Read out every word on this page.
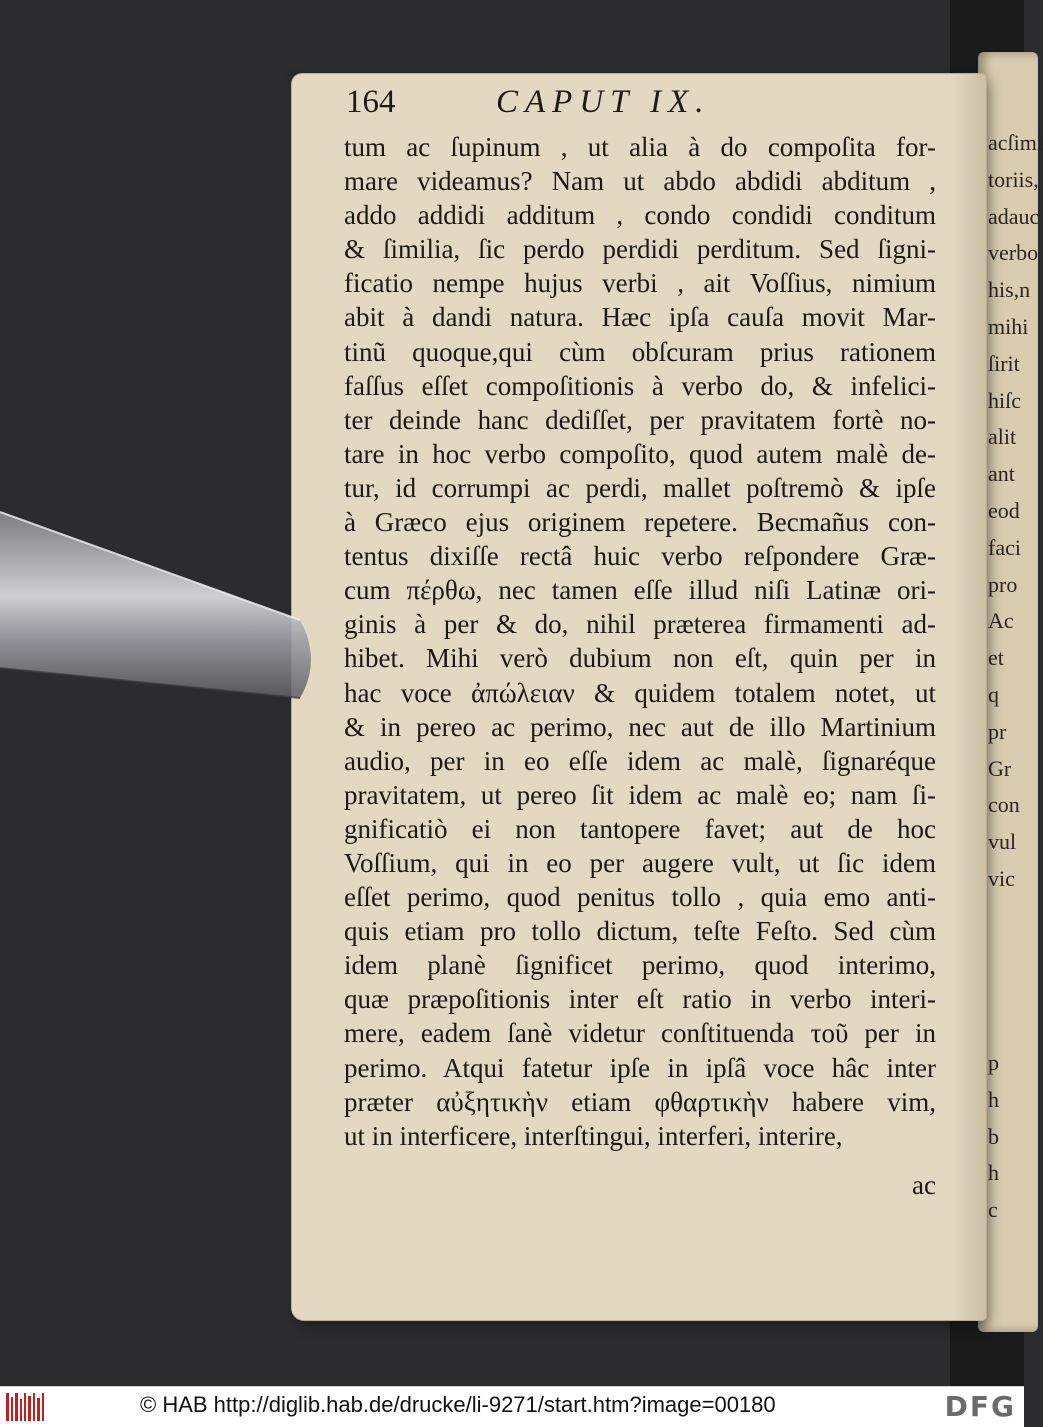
acſimi
toriis,
adauc
verbo
his,n
mihi
ſirit
hiſc
alit
ant
eod
faci
pro
Ac
et
q
pr
Gr
con
vul
vic
p
h
b
h
c
164	CAPUT IX.
tum ac ſupinum , ut alia à do compoſita for-
mare videamus? Nam ut abdo abdidi abditum ,
addo addidi additum , condo condidi conditum
& ſimilia, ſic perdo perdidi perditum. Sed ſigni-
ficatio nempe hujus verbi , ait Voſſius, nimium
abit à dandi natura. Hæc ipſa cauſa movit Mar-
tinũ quoque,qui cùm obſcuram prius rationem
faſſus eſſet compoſitionis à verbo do, & infelici-
ter deinde hanc dediſſet, per pravitatem fortè no-
tare in hoc verbo compoſito, quod autem malè de-
tur, id corrumpi ac perdi, mallet poſtremò & ipſe
à Græco ejus originem repetere. Becmañus con-
tentus dixiſſe rectâ huic verbo reſpondere Græ-
cum πέρθω, nec tamen eſſe illud niſi Latinæ ori-
ginis à per & do, nihil præterea firmamenti ad-
hibet. Mihi verò dubium non eſt, quin per in
hac voce ἀπώλειαν & quidem totalem notet, ut
& in pereo ac perimo, nec aut de illo Martinium
audio, per in eo eſſe idem ac malè, ſignaréque
pravitatem, ut pereo ſit idem ac malè eo; nam ſi-
gnificatiò ei non tantopere favet; aut de hoc
Voſſium, qui in eo per augere vult, ut ſic idem
eſſet perimo, quod penitus tollo , quia emo anti-
quis etiam pro tollo dictum, teſte Feſto. Sed cùm
idem planè ſignificet perimo, quod interimo,
quæ præpoſitionis inter eſt ratio in verbo interi-
mere, eadem ſanè videtur conſtituenda τοῦ per in
perimo. Atqui fatetur ipſe in ipſâ voce hâc inter
præter αὐξητικὴν etiam φθαρτικὴν habere vim,
ut in interficere, interſtingui, interferi, interire,
ac
© HAB http://diglib.hab.de/drucke/li-9271/start.htm?image=00180	DFG
